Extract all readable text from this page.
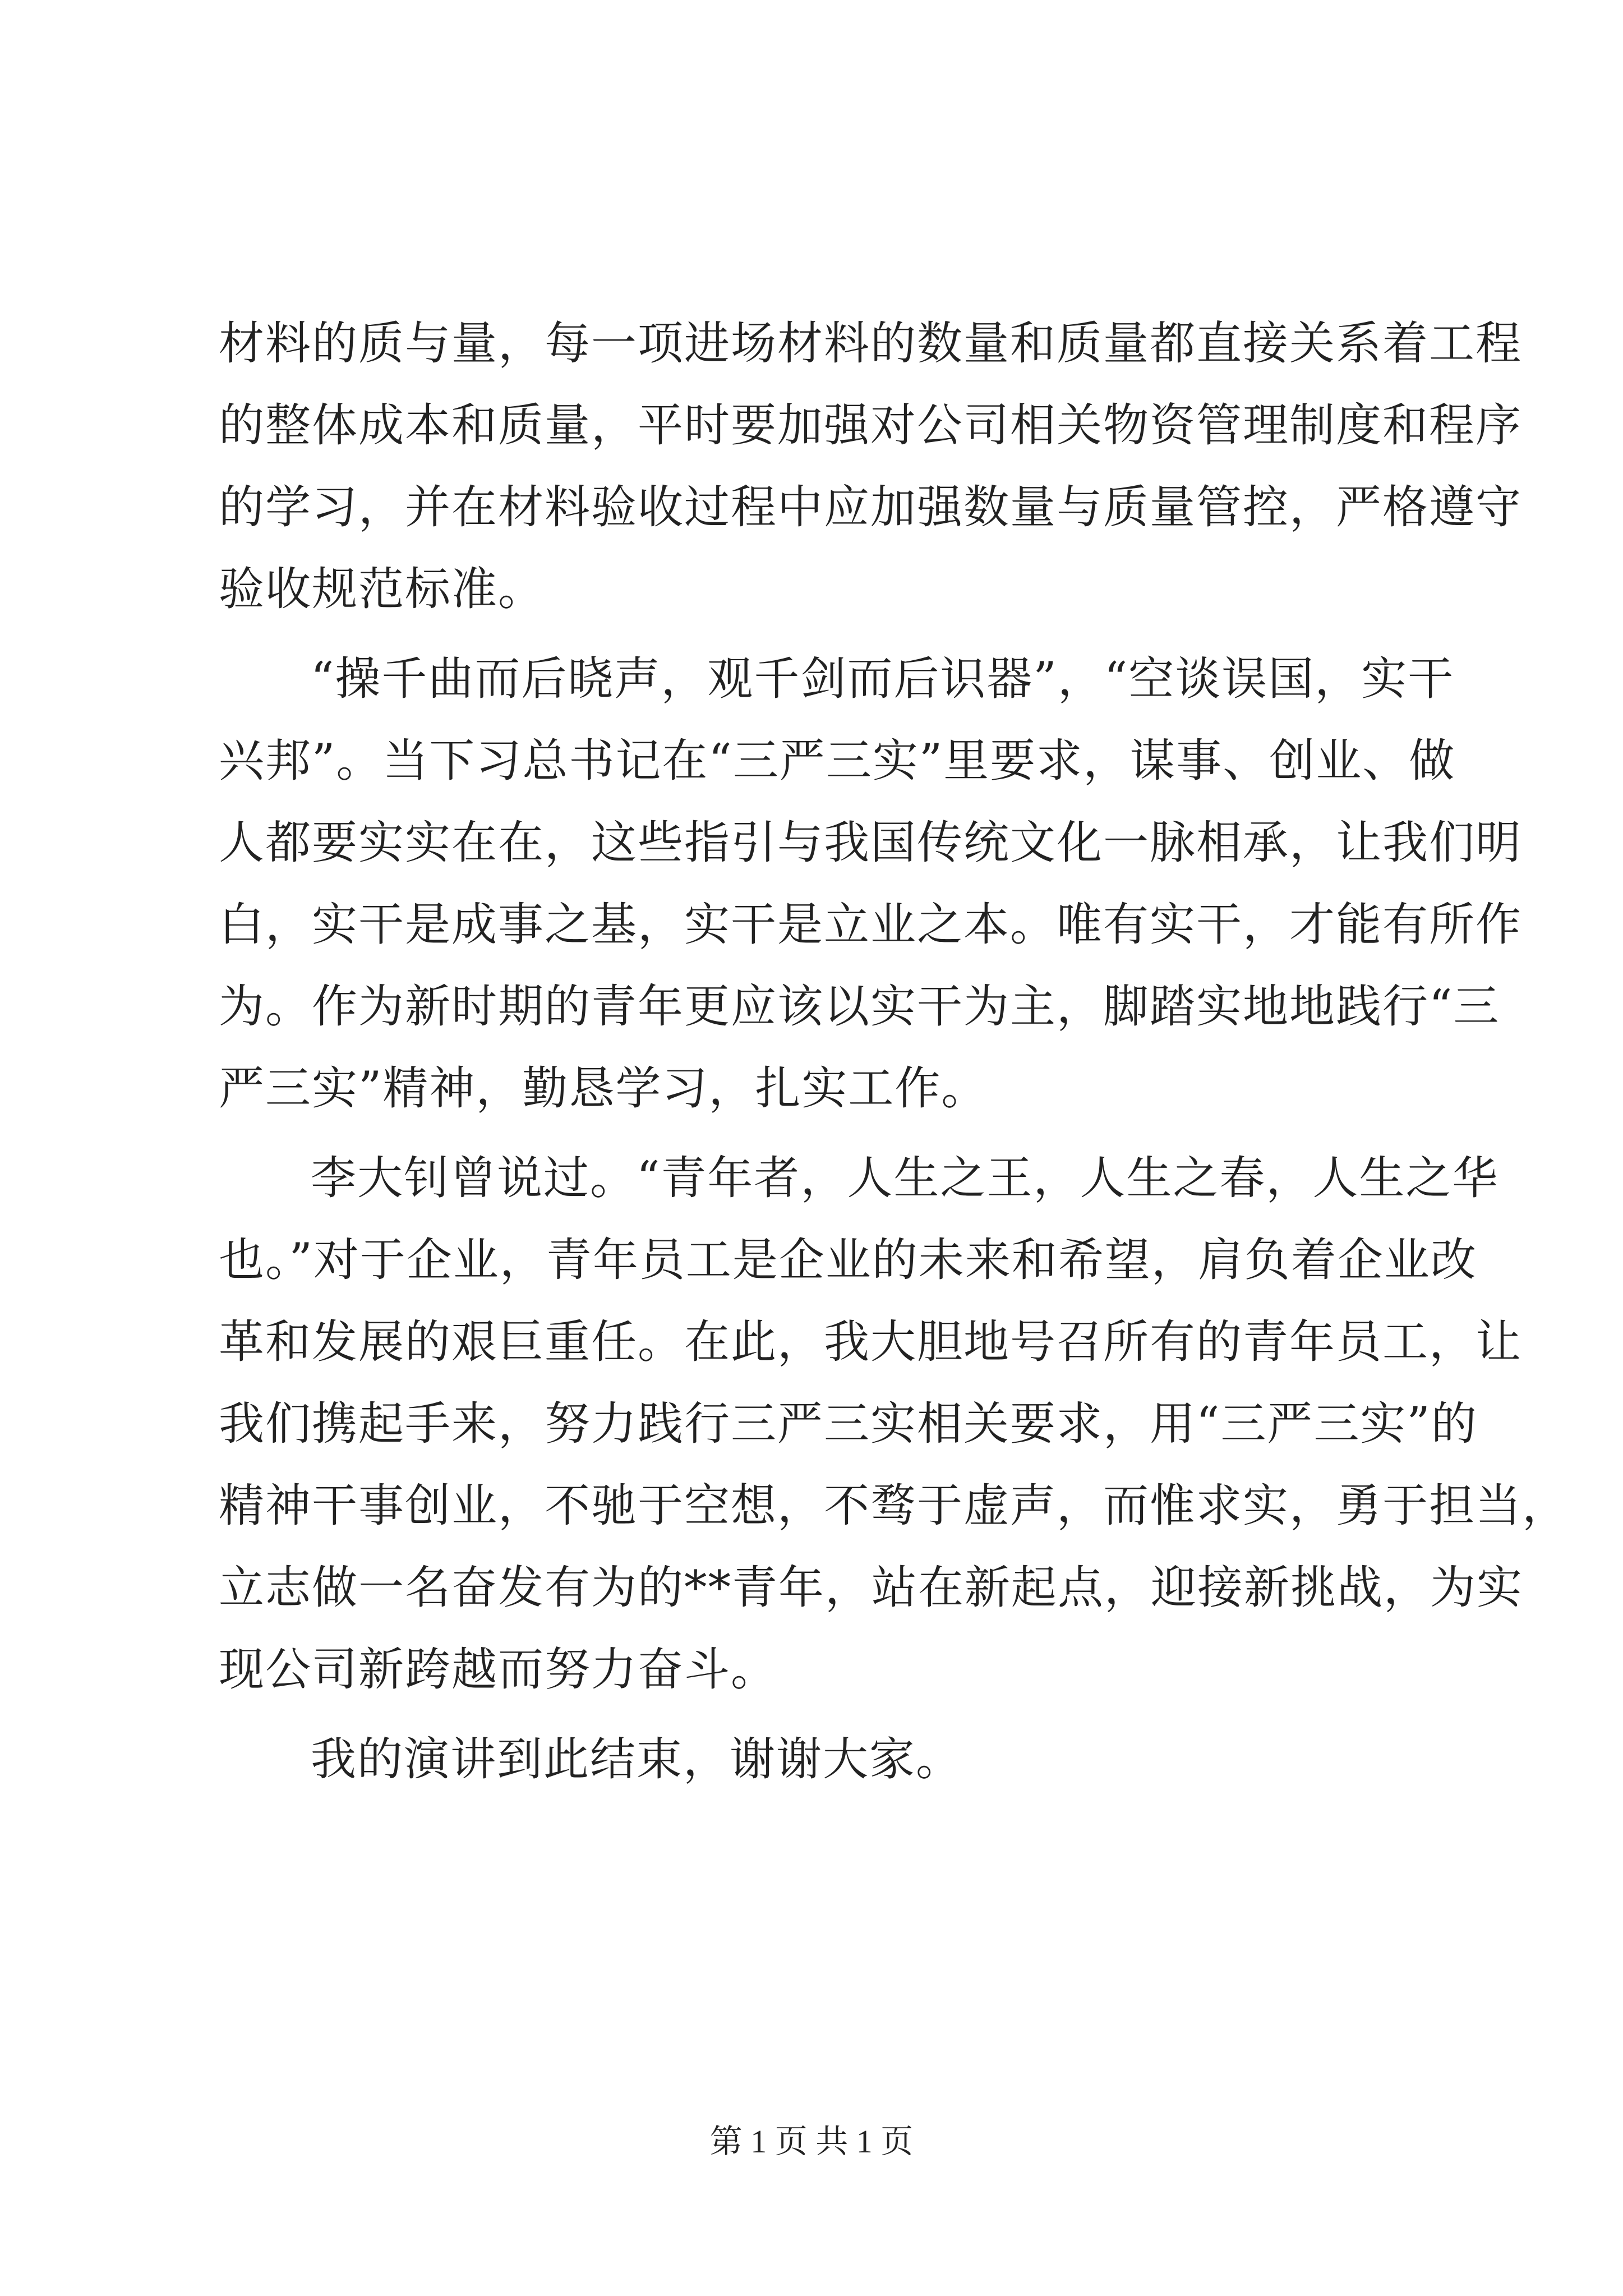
材料的质与量，每一项进场材料的数量和质量都直接关系着工程
的整体成本和质量，平时要加强对公司相关物资管理制度和程序
的学习，并在材料验收过程中应加强数量与质量管控，严格遵守
验收规范标准。
“操千曲而后晓声，观千剑而后识器”，“空谈误国，实干
兴邦”。当下习总书记在“三严三实”里要求，谋事、创业、做
人都要实实在在，这些指引与我国传统文化一脉相承，让我们明
白，实干是成事之基，实干是立业之本。唯有实干，才能有所作
为。作为新时期的青年更应该以实干为主，脚踏实地地践行“三
严三实”精神，勤恳学习，扎实工作。
李大钊曾说过。“青年者，人生之王，人生之春，人生之华
也。”对于企业，青年员工是企业的未来和希望，肩负着企业改
革和发展的艰巨重任。在此，我大胆地号召所有的青年员工，让
我们携起手来，努力践行三严三实相关要求，用“三严三实”的
精神干事创业，不驰于空想，不骛于虚声，而惟求实，勇于担当，
立志做一名奋发有为的**青年，站在新起点，迎接新挑战，为实
现公司新跨越而努力奋斗。
我的演讲到此结束，谢谢大家。
第 1 页 共 1 页
